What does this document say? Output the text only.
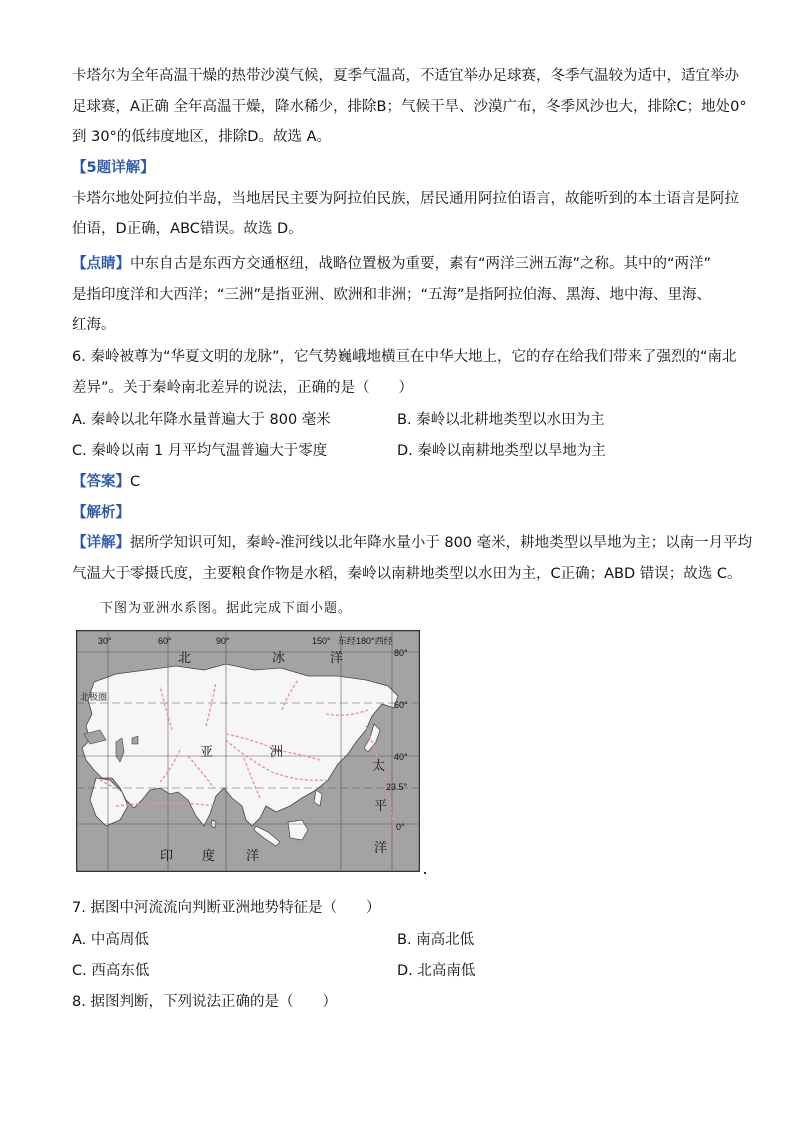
卡塔尔为全年高温干燥的热带沙漠气候，夏季气温高，不适宜举办足球赛，冬季气温较为适中，适宜举办
足球赛，A正确 全年高温干燥，降水稀少，排除B；气候干旱、沙漠广布，冬季风沙也大，排除C；地处0°
到 30°的低纬度地区，排除D。故选 A。
【5题详解】
卡塔尔地处阿拉伯半岛，当地居民主要为阿拉伯民族，居民通用阿拉伯语言，故能听到的本土语言是阿拉
伯语，D正确，ABC错误。故选 D。
【点睛】中东自古是东西方交通枢纽，战略位置极为重要，素有“两洋三洲五海”之称。其中的“两洋”
是指印度洋和大西洋；“三洲”是指亚洲、欧洲和非洲；“五海”是指阿拉伯海、黑海、地中海、里海、
红海。
6. 秦岭被尊为“华夏文明的龙脉”，它气势巍峨地横亘在中华大地上，它的存在给我们带来了强烈的“南北
差异”。关于秦岭南北差异的说法，正确的是（　　）
A. 秦岭以北年降水量普遍大于 800 毫米	B. 秦岭以北耕地类型以水田为主
C. 秦岭以南 1 月平均气温普遍大于零度	D. 秦岭以南耕地类型以旱地为主
【答案】C
【解析】
【详解】据所学知识可知，秦岭-淮河线以北年降水量小于 800 毫米，耕地类型以旱地为主；以南一月平均
气温大于零摄氏度，主要粮食作物是水稻，秦岭以南耕地类型以水田为主，C正确；ABD 错误；故选 C。
下图为亚洲水系图。据此完成下面小题。
30°	60°	90°	150° 东经180°西经
80°
60°
40°
23.5°
0°
北极圈
北	冰	洋
亚	洲
太
平
洋
印 度 洋
7. 据图中河流流向判断亚洲地势特征是（　　）
A. 中高周低	B. 南高北低
C. 西高东低	D. 北高南低
8. 据图判断，下列说法正确的是（　　）
